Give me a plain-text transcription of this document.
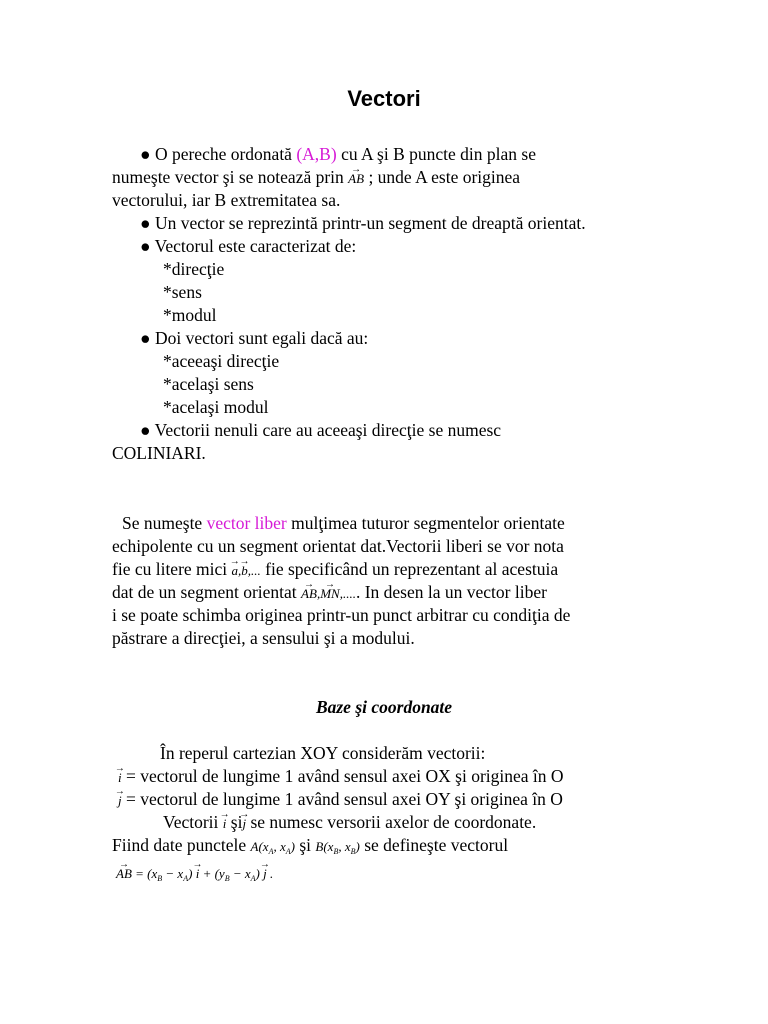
Vectori
● O pereche ordonată (A,B) cu A şi B puncte din plan se
numeşte vector şi se notează prin → AB ; unde A este originea
vectorului, iar B extremitatea sa.
● Un vector se reprezintă printr-un segment de dreaptă orientat.
● Vectorul este caracterizat de:
*direcţie
*sens
*modul
● Doi vectori sunt egali dacă au:
*aceeaşi direcţie
*acelaşi sens
*acelaşi modul
● Vectorii nenuli care au aceeaşi direcţie se numesc
COLINIARI.
Se numeşte vector liber mulţimea tuturor segmentelor orientate
echipolente cu un segment orientat dat.Vectorii liberi se vor nota
fie cu litere mici → a,→ b,... fie specificând un reprezentant al acestuia
dat de un segment orientat → AB,→ MN,..... In desen la un vector liber
i se poate schimba originea printr-un punct arbitrar cu condiţia de
păstrare a direcţiei, a sensului şi a modului.
Baze şi coordonate
În reperul cartezian XOY considerăm vectorii:
→ i = vectorul de lungime 1 având sensul axei OX şi originea în O
→ j = vectorul de lungime 1 având sensul axei OY şi originea în O
Vectorii → i şi→ j se numesc versorii axelor de coordonate.
Fiind date punctele $A(x_A$, $x_A$) şi $B(x_B$, $x_B$) se defineşte vectorul
→ AB = $(x_B - x_A) \to i + (y_B - x_A) \to j$ .
